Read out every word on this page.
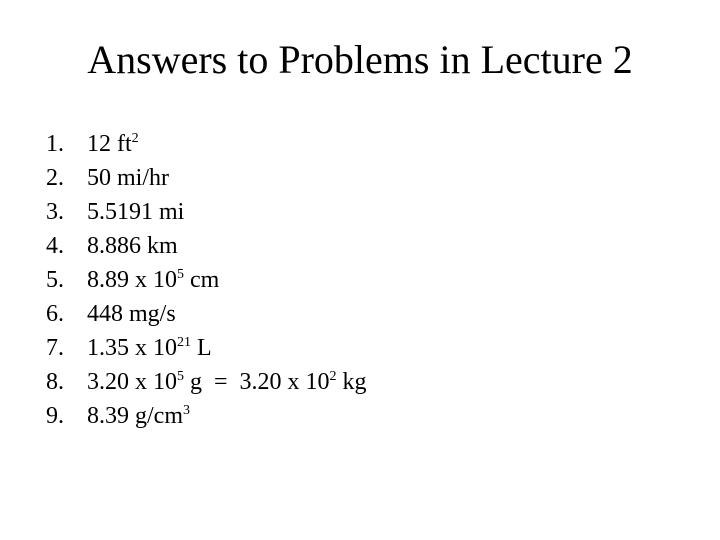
Answers to Problems in Lecture 2
1. 12 $ft^2$
2. 50 mi/hr
3. 5.5191 mi
4. 8.886 km
5. 8.89 x $10^5$ cm
6. 448 mg/s
7. 1.35 x $10^{21}$ L
8. 3.20 x $10^5$ g  =  3.20 x $10^2$ kg
9. 8.39 $g/cm^3$
